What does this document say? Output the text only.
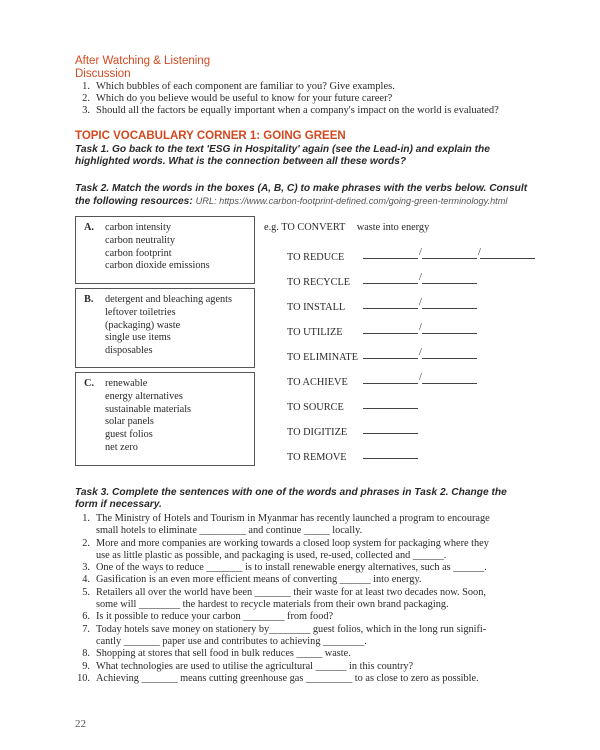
After Watching & Listening
Discussion
1 . Which bubbles of each component are familiar to you? Give examples.
2 . Which do you believe would be useful to know for your future career?
3 . Should all the factors be equally important when a company's impact on the world is evaluated?
TOPIC VOCABULARY CORNER 1: GOING GREEN
Task 1. Go back to the text 'ESG in Hospitality' again (see the Lead-in) and explain the
highlighted words. What is the connection between all these words?
Task 2. Match the words in the boxes (A, B, C) to make phrases with the verbs below. Consult
the following resources: URL: https://www.carbon-footprint-defined.com/going-green-terminology.html
A. carbon intensity
carbon neutrality
carbon footprint
carbon dioxide emissions
B. detergent and bleaching agents
leftover toiletries
(packaging) waste
single use items
disposables
C. renewable
energy alternatives
sustainable materials
solar panels
guest folios
net zero
e.g. TO CONVERT waste into energy
TO REDUCE	/	/
TO RECYCLE	/
TO INSTALL	/
TO UTILIZE	/
TO ELIMINATE	/
TO ACHIEVE	/
TO SOURCE
TO DIGITIZE
TO REMOVE
Task 3. Complete the sentences with one of the words and phrases in Task 2. Change the
form if necessary.
1 . The Ministry of Hotels and Tourism in Myanmar has recently launched a program to encourage
small hotels to eliminate _________ and continue _____ locally.
2 . More and more companies are working towards a closed loop system for packaging where they
use as little plastic as possible, and packaging is used, re-used, collected and ______.
3 . One of the ways to reduce _______ is to install renewable energy alternatives, such as ______.
4 . Gasification is an even more efficient means of converting ______ into energy.
5 . Retailers all over the world have been _______ their waste for at least two decades now. Soon,
some will ________ the hardest to recycle materials from their own brand packaging.
6 . Is it possible to reduce your carbon ________ from food?
7 . Today hotels save money on stationery by________ guest folios, which in the long run signifi-
cantly _______ paper use and contributes to achieving ________.
8 . Shopping at stores that sell food in bulk reduces _____ waste.
9 . What technologies are used to utilise the agricultural ______ in this country?
10 . Achieving _______ means cutting greenhouse gas _________ to as close to zero as possible.
22
